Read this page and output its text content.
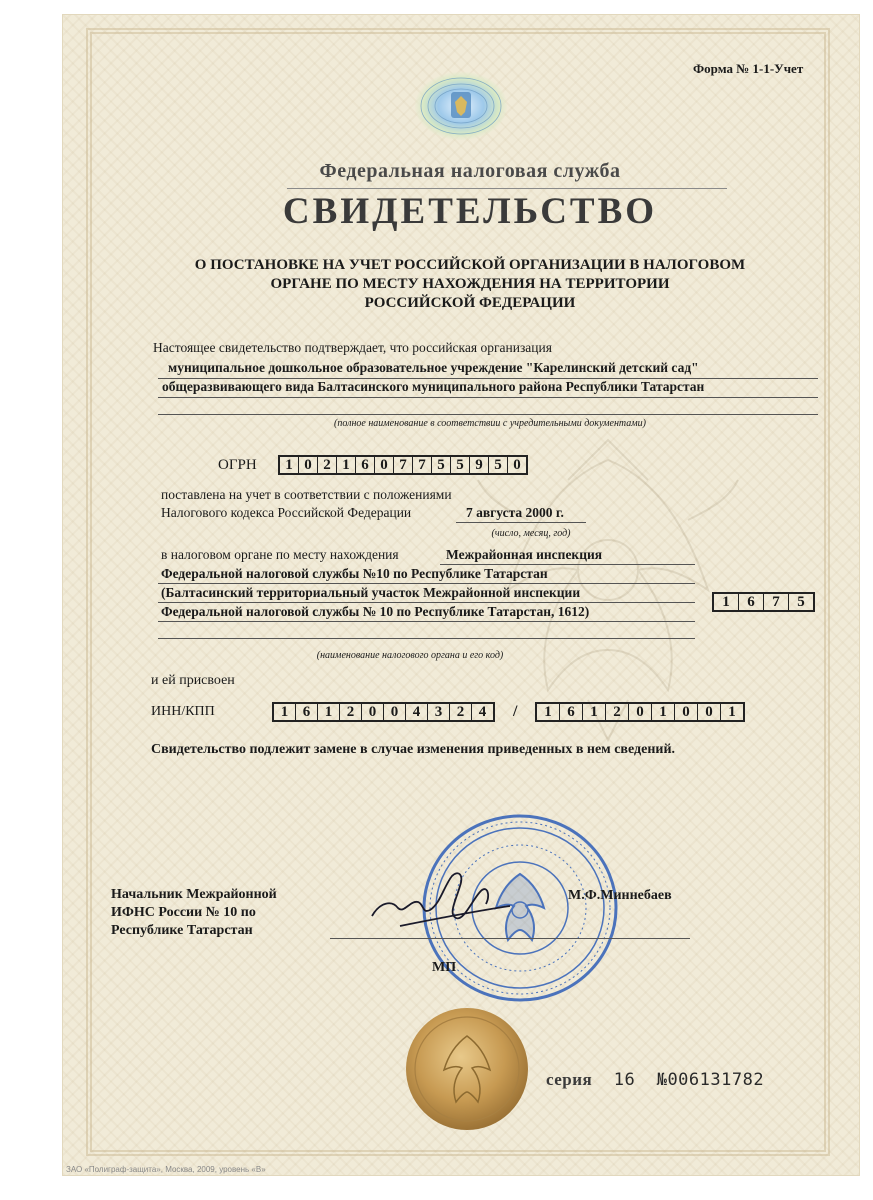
Форма № 1-1-Учет
Федеральная налоговая служба
СВИДЕТЕЛЬСТВО
О ПОСТАНОВКЕ НА УЧЕТ РОССИЙСКОЙ ОРГАНИЗАЦИИ В НАЛОГОВОМ
ОРГАНЕ ПО МЕСТУ НАХОЖДЕНИЯ НА ТЕРРИТОРИИ
РОССИЙСКОЙ ФЕДЕРАЦИИ
Настоящее свидетельство подтверждает, что российская организация
муниципальное дошкольное образовательное учреждение "Карелинский детский сад"
общеразвивающего вида Балтасинского муниципального района Республики Татарстан
(полное наименование в соответствии с учредительными документами)
ОГРН	1 0 2 1 6 0 7 7 5 5 9 5 0
поставлена на учет в соответствии с положениями
Налогового кодекса Российской Федерации	7 августа 2000 г.
(число, месяц, год)
в налоговом органе по месту нахождения	Межрайонная инспекция
Федеральной налоговой службы №10 по Республике Татарстан
(Балтасинский территориальный участок Межрайонной инспекции
Федеральной налоговой службы № 10 по Республике Татарстан, 1612)
1	6	7	5
(наименование налогового органа и его код)
и ей присвоен
ИНН/КПП	1 6 1 2 0 0 4 3 2 4	/	1	6	1	2	0	1	0	0	1
Свидетельство подлежит замене в случае изменения приведенных в нем сведений.
Начальник Межрайонной
ИФНС России № 10 по
Республике Татарстан
М.Ф.Миннебаев
МП
серия 16 №006131782
ЗАО «Полиграф-защита», Москва, 2009, уровень «В»
